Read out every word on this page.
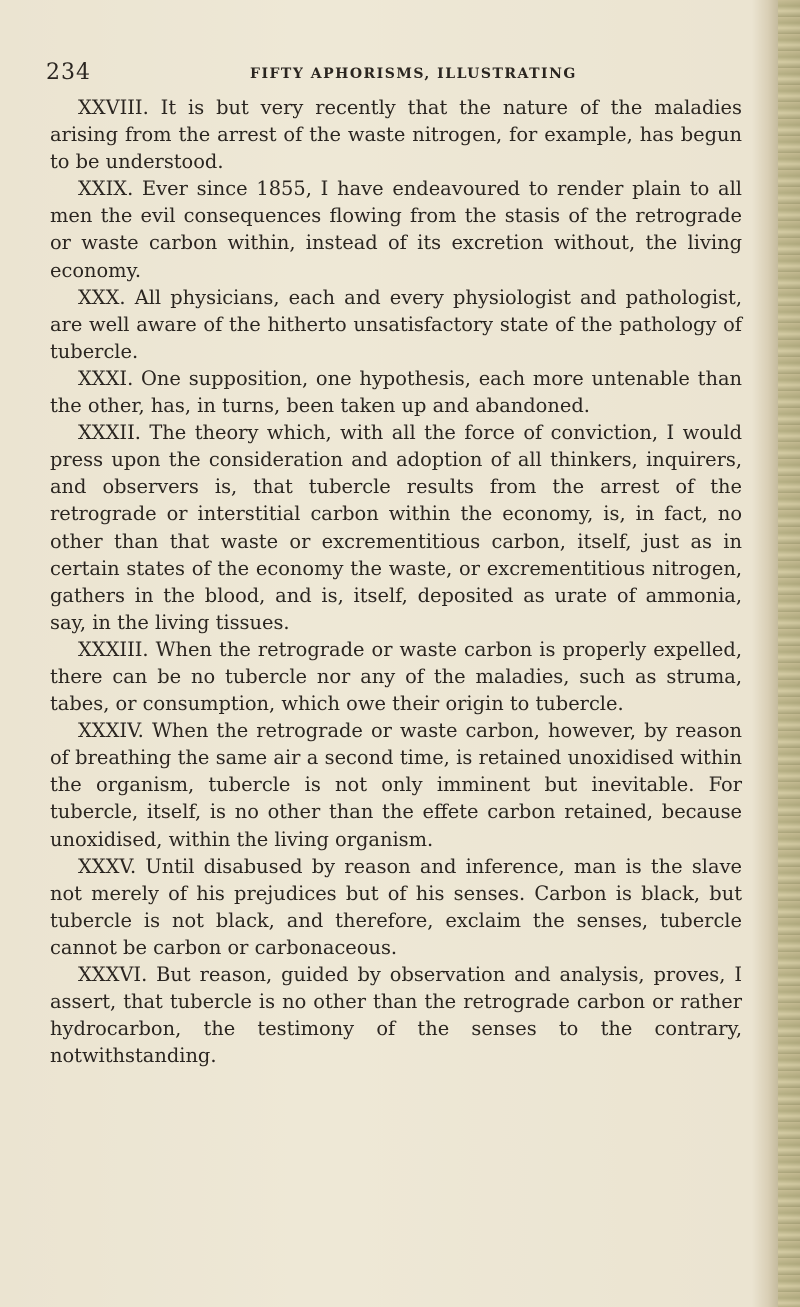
234	FIFTY APHORISMS, ILLUSTRATING

XXVIII. It is but very recently that the nature of the maladies arising from the arrest of the waste nitrogen, for example, has begun to be understood.

XXIX. Ever since 1855, I have endeavoured to render plain to all men the evil consequences flowing from the stasis of the retrograde or waste carbon within, instead of its excretion without, the living economy.

XXX. All physicians, each and every physiologist and pathologist, are well aware of the hitherto unsatisfactory state of the pathology of tubercle.

XXXI. One supposition, one hypothesis, each more untenable than the other, has, in turns, been taken up and abandoned.

XXXII. The theory which, with all the force of conviction, I would press upon the consideration and adoption of all thinkers, inquirers, and observers is, that tubercle results from the arrest of the retrograde or interstitial carbon within the economy, is, in fact, no other than that waste or excrementitious carbon, itself, just as in certain states of the economy the waste, or excrementitious nitrogen, gathers in the blood, and is, itself, deposited as urate of ammonia, say, in the living tissues.

XXXIII. When the retrograde or waste carbon is properly expelled, there can be no tubercle nor any of the maladies, such as struma, tabes, or consumption, which owe their origin to tubercle.

XXXIV. When the retrograde or waste carbon, however, by reason of breathing the same air a second time, is retained unoxidised within the organism, tubercle is not only imminent but inevitable. For tubercle, itself, is no other than the effete carbon retained, because unoxidised, within the living organism.

XXXV. Until disabused by reason and inference, man is the slave not merely of his prejudices but of his senses. Carbon is black, but tubercle is not black, and therefore, exclaim the senses, tubercle cannot be carbon or carbonaceous.

XXXVI. But reason, guided by observation and analysis, proves, I assert, that tubercle is no other than the retrograde carbon or rather hydrocarbon, the testimony of the senses to the contrary, notwithstanding.
